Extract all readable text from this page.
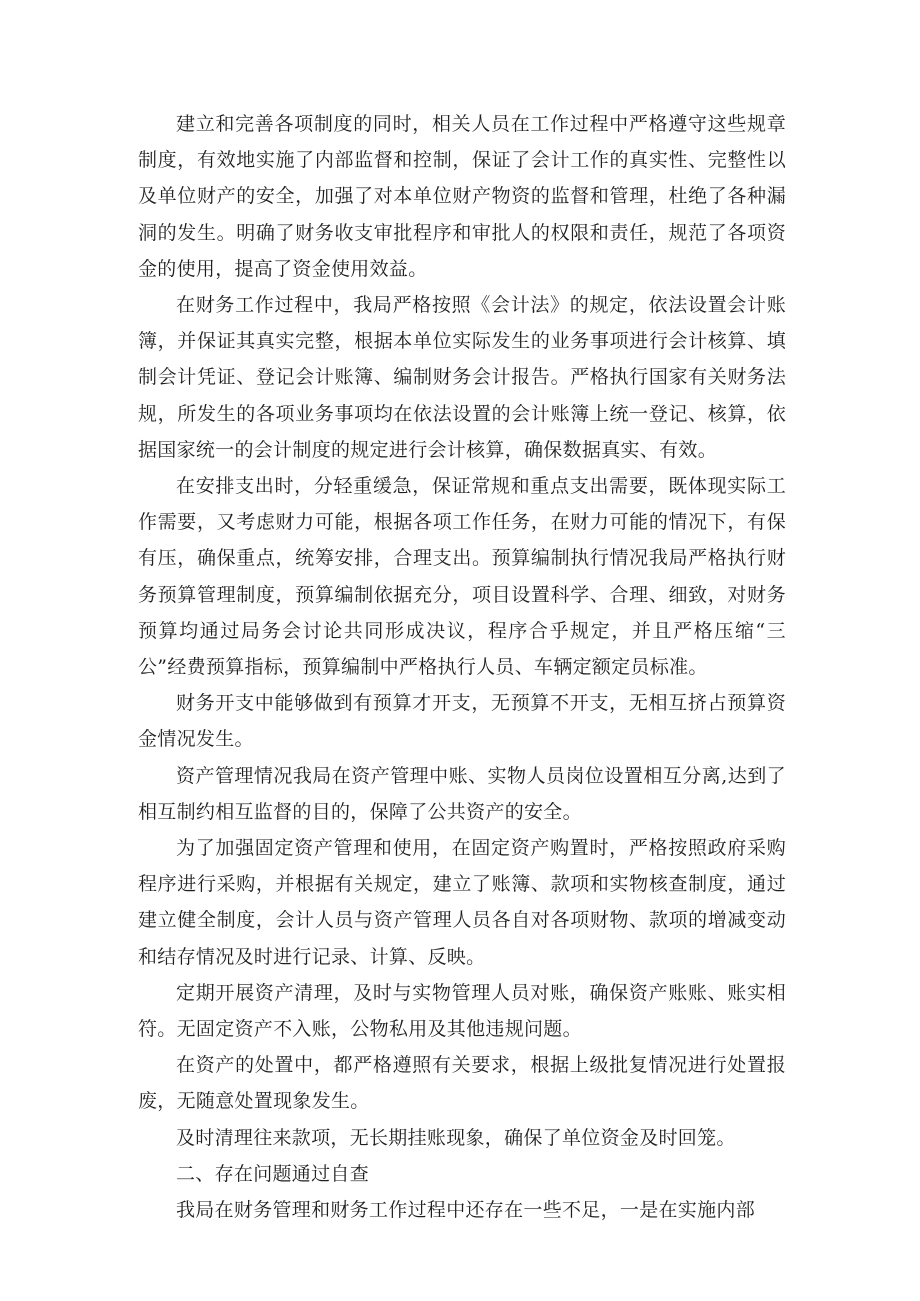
建立和完善各项制度的同时，相关人员在工作过程中严格遵守这些规章制度，有效地实施了内部监督和控制，保证了会计工作的真实性、完整性以及单位财产的安全，加强了对本单位财产物资的监督和管理，杜绝了各种漏洞的发生。明确了财务收支审批程序和审批人的权限和责任，规范了各项资金的使用，提高了资金使用效益。

在财务工作过程中，我局严格按照《会计法》的规定，依法设置会计账簿，并保证其真实完整，根据本单位实际发生的业务事项进行会计核算、填制会计凭证、登记会计账簿、编制财务会计报告。严格执行国家有关财务法规，所发生的各项业务事项均在依法设置的会计账簿上统一登记、核算，依据国家统一的会计制度的规定进行会计核算，确保数据真实、有效。

在安排支出时，分轻重缓急，保证常规和重点支出需要，既体现实际工作需要，又考虑财力可能，根据各项工作任务，在财力可能的情况下，有保有压，确保重点，统筹安排，合理支出。预算编制执行情况我局严格执行财务预算管理制度，预算编制依据充分，项目设置科学、合理、细致，对财务预算均通过局务会讨论共同形成决议，程序合乎规定，并且严格压缩“三公”经费预算指标，预算编制中严格执行人员、车辆定额定员标准。

财务开支中能够做到有预算才开支，无预算不开支，无相互挤占预算资金情况发生。

资产管理情况我局在资产管理中账、实物人员岗位设置相互分离,达到了相互制约相互监督的目的，保障了公共资产的安全。

为了加强固定资产管理和使用，在固定资产购置时，严格按照政府采购程序进行采购，并根据有关规定，建立了账簿、款项和实物核查制度，通过建立健全制度，会计人员与资产管理人员各自对各项财物、款项的增减变动和结存情况及时进行记录、计算、反映。

定期开展资产清理，及时与实物管理人员对账，确保资产账账、账实相符。无固定资产不入账，公物私用及其他违规问题。

在资产的处置中，都严格遵照有关要求，根据上级批复情况进行处置报废，无随意处置现象发生。

及时清理往来款项，无长期挂账现象，确保了单位资金及时回笼。

二、存在问题通过自查

我局在财务管理和财务工作过程中还存在一些不足，一是在实施内部
